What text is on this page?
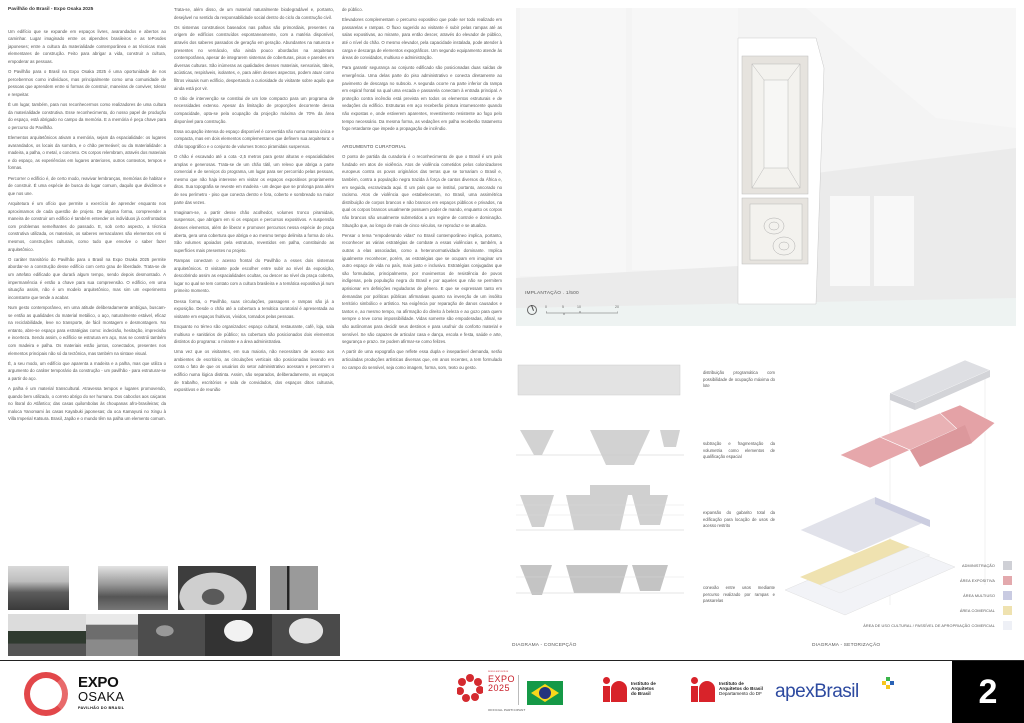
Pavilhão do Brasil - Expo Osaka 2025

Um edifício que se expande em espaços livres, avarandados e abertos ao caminhar. Lugar imaginado entre os alpendres brasileiros e as tePosdes japoneses; entre a cultura da materialidade contemporânea e as técnicas mais elementares de construção. Feito para abrigar a vida, construir a cultura, empoderar as pessoas.

O Pavilhão para o Brasil na Expo Osaka 2025 é uma oportunidade de nos percebermos como indivíduos, mas principalmente como uma comunidade de pessoas que aprendem entre si formas de construir, maneiras de conviver, tolerar e respeitar.

É um lugar, também, para nos reconhecermos como realizadores de uma cultura da materialidade construtiva. Esse reconhecimento, do nosso papel de produção do espaço, está abrigado no campo da memória. E a memória é peça chave para o percurso do Pavilhão.

Elementos arquitetônicos ativam a memória, sejam da espacialidade: os lugares avarandados, os locais da sombra, e o chão permeável; ou da materialidade: a madeira, a palha, o metal, o concreto. Os corpos relembram, através dos materiais e do espaço, as experiências em lugares anteriores, outros contextos, tempos e formas.

Percorrer o edifício é, de certo modo, reavivar lembranças, memórias de habitar e de construir. É uma espécie de busca do lugar comum, daquilo que dividimos e que nos une.

Arquitetura é um ofício que permite o exercício de aprender enquanto nos aproximamos de cada questão de projeto. De alguma forma, compreender a maneira de construir um edifício é também entender os indivíduos já confrontados com problemas semelhantes do passado. E, sob certo aspecto, a técnica construtiva utilizada, os materiais, os saberes vernaculares são elementos em si mesmos, construções culturais, como tudo que envolve o saber fazer arquitetônico.

O caráter transitório do Pavilhão para o Brasil na Expo Osaka 2025 permite abordar-se a construção desse edifício com certo grau de liberdade. Trata-se de um artefato edificado que durará algum tempo, sendo depois desmontado. A impermanência é então a chave para sua compreensão. O edifício, em uma situação assim, não é um modelo arquitetônico, mas sim um experimento inconstante que tende a acabar.

Num gesto contemporâneo, em uma atitude deliberadamente ambígua, buscam-se então as qualidades do material metálico, o aço, naturalmente estável, eficaz na reciclabilidade, leve no transporte, de fácil montagem e desmontagem. No entanto, abre-se espaço para estratégias como: indecisão, hesitação, imprecisão e incerteza. Sendo assim, o edifício se estrutura em aço, mas se constrói também com madeira e palha. Os materiais estão juntos, conectados, presentes nos elementos principais não só da tectônica, mas também na sintaxe visual.

É, a seu modo, um edifício que aparenta a madeira e a palha, mas que utiliza o argumento do caráter temporário da construção - um pavilhão - para estruturar-se a partir do aço.

A palha é um material transcultural. Atravessa tempos e lugares promovendo, quando bem utilizado, o correto abrigo do ser humano. Dos caboclos aos caiçaras no litoral do Atlântico; das casas quilombolas às choupanas afro-brasileiras; da maloca Yanomami às casas Kayabuki japonesas; da oca Kamayurá no Xingu à Villa Imperial Katsura. Brasil, Japão e o mundo têm na palha um elemento comum.

Trata-se, além disso, de um material naturalmente biodegradável e, portanto, desejável no sentido da responsabilidade social dentro do ciclo da construção civil.

Os sistemas construtivos baseados nas palhas são primordiais, presentes na origem de edifícios construídos espontaneamente, com a matéria disponível, através dos saberes passados de geração em geração. Abundantes na natureza e presentes no vernáculo, são ainda pouco abordados na arquitetura contemporânea, apesar de integrarem sistemas de coberturas, pisos e paredes em diversas culturas. São inúmeras as qualidades desses materiais, sensoriais, táteis, acústicas, respiráveis, isolantes, e, para além desses aspectos, podem atuar como filtros visuais num edifício, despertando a curiosidade do visitante sobre aquilo que ainda está por vir.

O sítio de intervenção se constitui de um lote compacto para um programa de necessidades extenso. Apesar da limitação de proporções decorrente dessa compacidade, opta-se pela ocupação da projeção máxima de 70% da área disponível para construção.

Essa ocupação intensa do espaço disponível é convertida não numa massa única e compacta, mas em dois elementos complementares que definem sua arquitetura: o chão topográfico e o conjunto de volumes tronco piramidais suspensos.

O chão é escavado até a cota -2,5 metros para gerar alturas e espacialidades amplas e generosas. Trata-se de um chão tátil, um relevo que abriga a parte comercial e de serviços do programa, um lugar para ser percorrido pelas pessoas, mesmo que não haja interesse em visitar os espaços expositivos propriamente ditos. Sua topografia se reveste em madeira - um deque que se prolonga para além de seu perímetro - piso que conecta dentro e fora, coberto e sombreado na maior parte das vezes.

Imaginam-se, a partir desse chão acolhedor, volumes tronco piramidais, suspensos, que abrigam em si os espaços e percursos expositivos. A suspensão desses elementos, além de liberar e promover percursos nessa espécie de praça aberta, gera uma cobertura que abriga e ao mesmo tempo delimita a forma do céu. São volumes apoiados pela estrutura, revestidos em palha, constituindo as superfícies mais presentes no projeto.

Rampas conectam o acesso frontal do Pavilhão a esses dois sistemas arquitetônicos. O visitante pode escolher entre subir ao nível da exposição, descobrindo assim as espacialidades ocultas, ou descer ao nível da praça coberta, lugar no qual se tem contato com a cultura brasileira e a temática expositiva já num primeiro momento.

Dessa forma, o Pavilhão, suas circulações, passagens e rampas são já a exposição. Desde o chão até a cobertura a temática curatorial é apresentada ao visitante em espaços fruitivos, vívidos, tomados pelas pessoas.

Enquanto no térreo são organizados: espaço cultural, restaurante, café, loja, sala multiuso e sanitários de público; na cobertura são posicionados dois elementos distintos do programa: o mirante e a área administrativa.

Uma vez que os visitantes, em sua maioria, não necessitam de acesso aos ambientes de escritório, as circulações verticais são posicionadas levando em conta o fato de que os usuários do setor administrativo acessam e percorrem o edifício numa lógica distinta. Assim, são separados, deliberadamente, os espaços de trabalho, escritórios e sala de convidados, dos espaços ditos culturais, expositivos e de reunião

de público.

Elevadores complementam o percurso expositivo que pode ser todo realizado em passarelas e rampas. O fluxo sugerido ao visitante é subir pelas rampas até as salas expositivas, ao mirante, para então descer, através do elevador de público, até o nível do chão. O mesmo elevador, pela capacidade instalada, pode atender à carga e descarga de elementos expográficos. Um segundo equipamento atende às áreas de convidados, multiuso e administração.

Para garantir segurança ao conjunto edificado são posicionadas duas saídas de emergência. Uma delas parte do piso administrativo e conecta diretamente ao pavimento de descarga no subsolo. A segunda ocorre na parte inferior da rampa em espiral frontal na qual uma escada e passarela conectam à entrada principal. A proteção contra incêndio está prevista em todos os elementos estruturais e de vedações do edifício. Estruturas em aço receberão pintura intumescente quando não expostas e, onde estiverem aparentes, revestimento resistente ao fogo pelo tempo necessário. Da mesma forma, as vedações em palha receberão tratamento fogo retardante que impede a propagação de incêndio.

ARGUMENTO CURATORIAL

O ponto de partida da curadoria é o reconhecimento de que o Brasil é um país fundado em atos de violência. Atos de violência cometidos pelos colonizadores europeus contra os povos originários das terras que se tornariam o Brasil e, também, contra a população negra trazida à força de cantos diversos da África e, em seguida, escravizada aqui. É um país que se instituí, portanto, ancorado no racismo. Atos de violência que estabeleceram, no Brasil, uma assimétrica distribuição de corpos brancos e não brancos em espaços públicos e privados, na qual os corpos brancos usualmente possuem poder de mando, enquanto os corpos não brancos são usualmente submetidos a um regime de controle e dominação. Situação que, ao longo de mais de cinco séculos, se reproduz e se atualiza.

Pensar o tema "empoderando vidas" no Brasil contemporâneo implica, portanto, reconhecer as várias estratégias de combate a essas violências e, também, a outras a elas associadas, como a heteronormatividade dominante. Implica igualmente reconhecer, porém, as estratégias que se ocupam em imaginar um outro espaço de vida no país, mais justo e inclusivo. Estratégias conjugadas que são formuladas, principalmente, por movimentos de resistência de povos indígenas, pela população negra do Brasil e por aqueles que não se permitem aprisionar em definições reguladoras de gênero. E que se expressam tanto em demandas por políticas públicas afirmativas quanto na invenção de um insólito território simbólico e artístico. Na exigência por reparação de danos causados e tantos e, ao mesmo tempo, na afirmação do direito à beleza e ao gozo para quem sempre o teve como impossibilidade. Vidas somente são empoderadas, afinal, se são autônomas para decidir seus destinos e para usufruir do conforto material e sensível. Se são capazes de articular casa e dança, escola e festa, saúde e arte, segurança e prazo. Se podem afirmar-se como felizes.

A partir de uma expografia que reflete essa dupla e inseparável demanda, serão articuladas produções artísticas diversas que, em anos recentes, a tem formulado no campo do sensível, seja como imagem, forma, som, texto ou gesto.

IMPLANTAÇÃO . 1/500
0	5	10	20
DIAGRAMA - CONCEPÇÃO
distribuição programática com possibilidade de ocupação máxima do lote
subtração e fragmentação da volumetria como elementos de qualificação espacial
expansão do gabarito total da edificação para locação de usos de acesso restrito
conexão entre usos mediante percurso realizado por rampas e passarelas
ADMINISTRAÇÃO
ÁREA EXPOSITIVA
ÁREA MULTIUSO
ÁREA COMERCIAL
ÁREA DE USO CULTURAL / PASSÍVEL DE APROPRIAÇÃO COMERCIAL
DIAGRAMA - SETORIZAÇÃO
EXPO
OSAKA
PAVILHÃO DO BRASIL
WORLD EXPOSITION
EXPO
2025
OFFICIAL PARTICIPANT
Instituto de
Arquitetos
do Brasil
Instituto de
Arquitetos do Brasil
Departamento do DF apexBrasil	2
